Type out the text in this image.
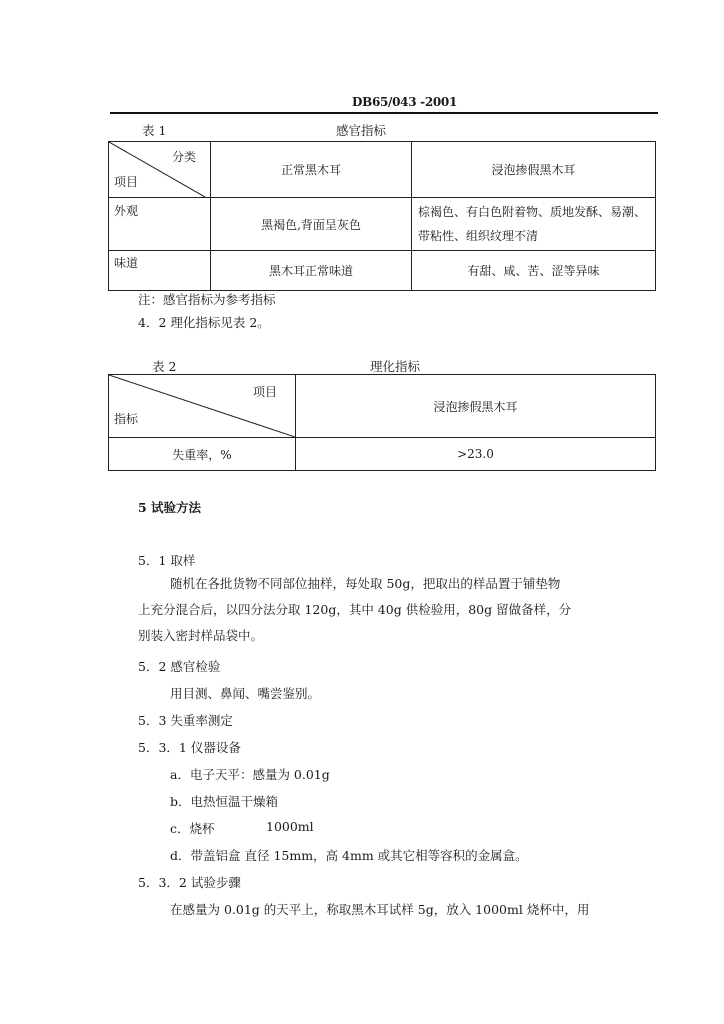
DB65/043 -2001
表 1	感官指标
分类
项目	正常黑木耳	浸泡掺假黑木耳
外观	黑褐色,背面呈灰色	棕褐色、有白色附着物、质地发酥、易潮、带粘性、组织纹理不清
味道	黑木耳正常味道	有甜、咸、苦、涩等异味
注：感官指标为参考指标
4．2 理化指标见表 2。
表 2	理化指标
项目
指标	浸泡掺假黑木耳
失重率，%	>23.0
5 试验方法
5．1 取样
随机在各批货物不同部位抽样，每处取 50g，把取出的样品置于铺垫物
上充分混合后，以四分法分取 120g，其中 40g 供检验用，80g 留做备样，分
别装入密封样品袋中。
5．2 感官检验
用目测、鼻闻、嘴尝鉴别。
5．3 失重率测定
5．3．1 仪器设备
a．电子天平：感量为 0.01g
b．电热恒温干燥箱
c．烧杯	1000ml
d．带盖铝盒 直径 15mm，高 4mm 或其它相等容积的金属盒。
5．3．2 试验步骤
在感量为 0.01g 的天平上，称取黑木耳试样 5g，放入 1000ml 烧杯中，用
